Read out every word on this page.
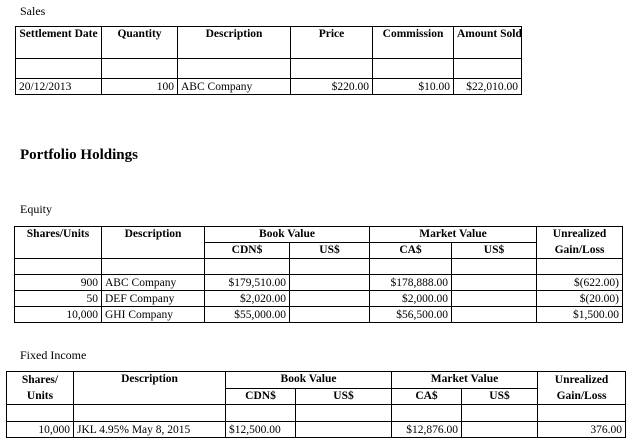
Sales
Settlement Date	Quantity	Description	Price	Commission	Amount Sold

20/12/2013	100	ABC Company	$220.00	$10.00	$22,010.00
Portfolio Holdings
Equity
Shares/Units	Description	Book Value		Market Value		Unrealized
		CDN$	US$	CA$	US$	Gain/Loss

900	ABC Company	$179,510.00		$178,888.00		$(622.00)
50	DEF Company	$2,020.00		$2,000.00		$(20.00)
10,000	GHI Company	$55,000.00		$56,500.00		$1,500.00
Fixed Income
Shares/
Units	Description	Book Value		Market Value		Unrealized
		CDN$	US$	CA$	US$	Gain/Loss

10,000	JKL 4.95% May 8, 2015	$12,500.00		$12,876.00		376.00
